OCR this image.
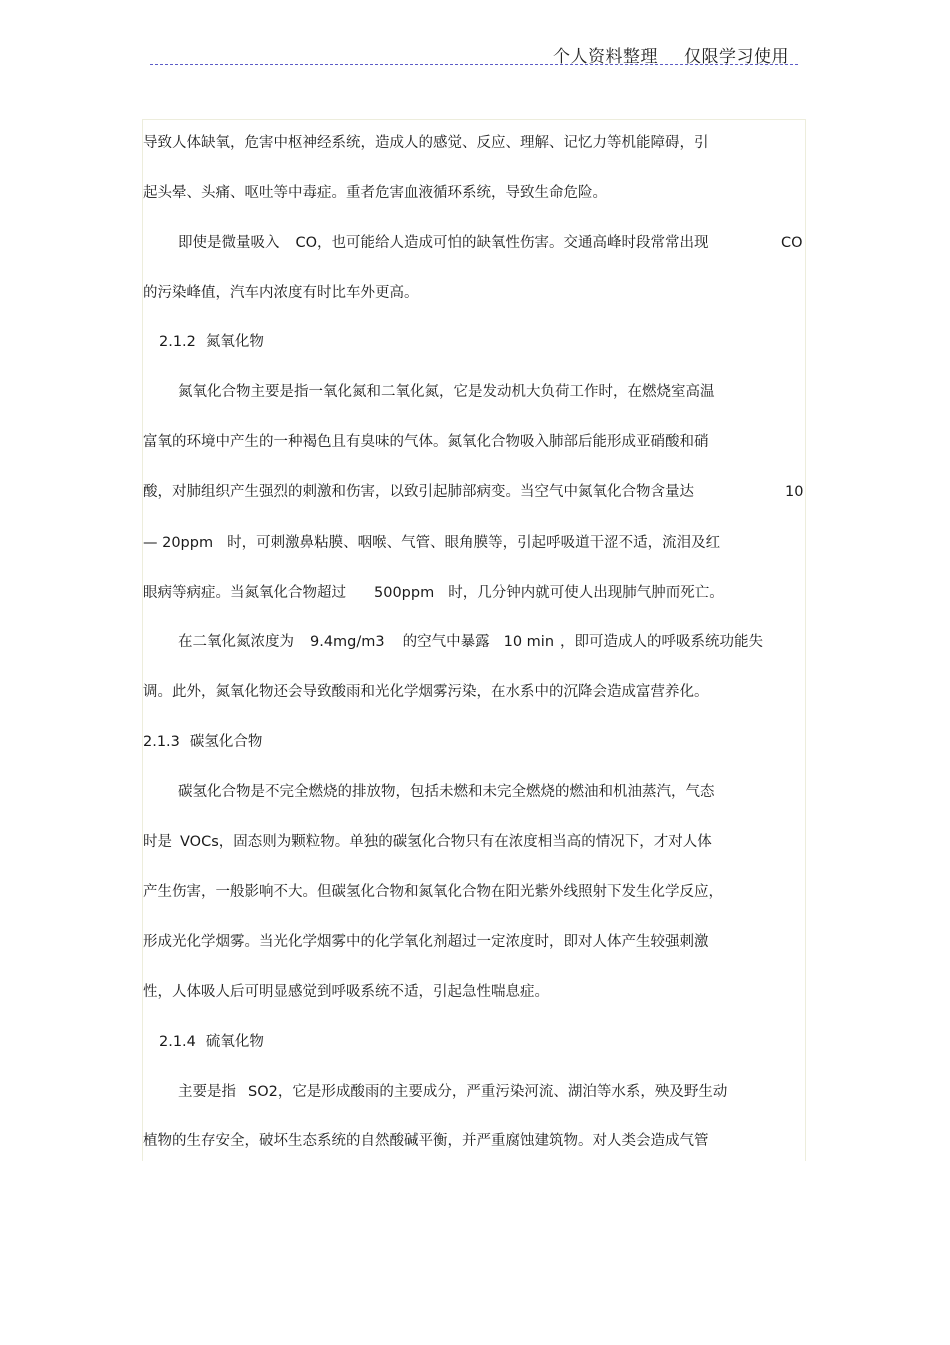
个人资料整理 仅限学习使用
导致人体缺氧，危害中枢神经系统，造成人的感觉、反应、理解、记忆力等机能障碍，引
起头晕、头痛、呕吐等中毒症。重者危害血液循环系统，导致生命危险。
即使是微量吸入 CO，也可能给人造成可怕的缺氧性伤害。交通高峰时段常常出现	CO
的污染峰值，汽车内浓度有时比车外更高。
2.1.2 氮氧化物
氮氧化合物主要是指一氧化氮和二氧化氮，它是发动机大负荷工作时，在燃烧室高温
富氧的环境中产生的一种褐色且有臭味的气体。氮氧化合物吸入肺部后能形成亚硝酸和硝
酸，对肺组织产生强烈的刺激和伤害，以致引起肺部病变。当空气中氮氧化合物含量达	10
— 20ppm 时，可刺激鼻粘膜、咽喉、气管、眼角膜等，引起呼吸道干涩不适，流泪及红
眼病等病症。当氮氧化合物超过 500ppm 时，几分钟内就可使人出现肺气肿而死亡。
在二氧化氮浓度为 9.4mg/m3 的空气中暴露 10 min ，即可造成人的呼吸系统功能失
调。此外，氮氧化物还会导致酸雨和光化学烟雾污染，在水系中的沉降会造成富营养化。
2.1.3 碳氢化合物
碳氢化合物是不完全燃烧的排放物，包括未燃和未完全燃烧的燃油和机油蒸汽，气态
时是 VOCs，固态则为颗粒物。单独的碳氢化合物只有在浓度相当高的情况下，才对人体
产生伤害，一般影响不大。但碳氢化合物和氮氧化合物在阳光紫外线照射下发生化学反应，
形成光化学烟雾。当光化学烟雾中的化学氧化剂超过一定浓度时，即对人体产生较强刺激
性，人体吸人后可明显感觉到呼吸系统不适，引起急性喘息症。
2.1.4 硫氧化物
主要是指 SO2，它是形成酸雨的主要成分，严重污染河流、湖泊等水系，殃及野生动
植物的生存安全，破坏生态系统的自然酸碱平衡，并严重腐蚀建筑物。对人类会造成气管
